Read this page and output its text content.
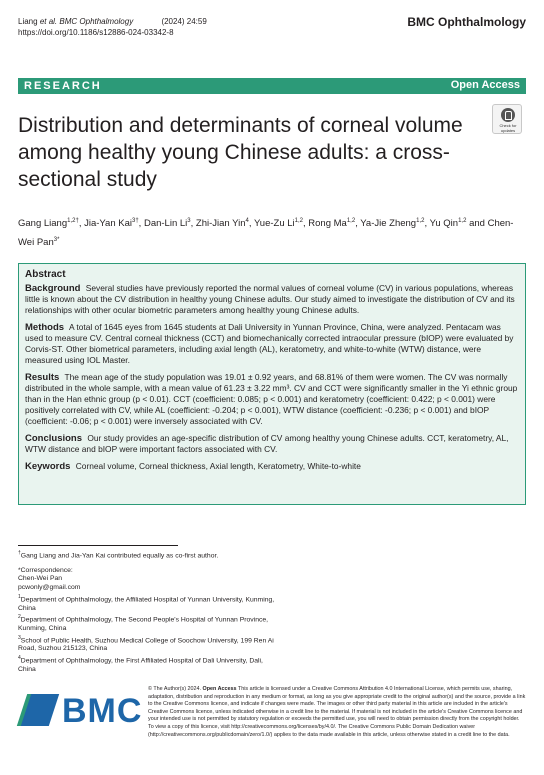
Liang et al. BMC Ophthalmology	(2024) 24:59
https://doi.org/10.1186/s12886-024-03342-8
BMC Ophthalmology
RESEARCH	Open Access
Check for
updates
Distribution and determinants of corneal volume among healthy young Chinese adults: a cross-sectional study
Gang Liang$^{1,2\dagger}$, Jia-Yan Kai$^{3\dagger}$, Dan-Lin Li$^3$, Zhi-Jian Yin$^4$, Yue-Zu Li$^{1,2}$, Rong Ma$^{1,2}$, Ya-Jie Zheng$^{1,2}$, Yu Qin$^{1,2}$ and Chen-Wei Pan$^{3*}$
Abstract
Background Several studies have previously reported the normal values of corneal volume (CV) in various populations, whereas little is known about the CV distribution in healthy young Chinese adults. Our study aimed to investigate the distribution of CV and its relationships with other ocular biometric parameters among healthy young Chinese adults.
Methods A total of 1645 eyes from 1645 students at Dali University in Yunnan Province, China, were analyzed. Pentacam was used to measure CV. Central corneal thickness (CCT) and biomechanically corrected intraocular pressure (bIOP) were evaluated by Corvis-ST. Other biometrical parameters, including axial length (AL), keratometry, and white-to-white (WTW) distance, were measured using IOL Master.
Results The mean age of the study population was 19.01 ± 0.92 years, and 68.81% of them were women. The CV was normally distributed in the whole sample, with a mean value of 61.23 ± 3.22 mm³. CV and CCT were significantly smaller in the Yi ethnic group than in the Han ethnic group (p < 0.01). CCT (coefficient: 0.085; p < 0.001) and keratometry (coefficient: 0.422; p < 0.001) were positively correlated with CV, while AL (coefficient: -0.204; p < 0.001), WTW distance (coefficient: -0.236; p < 0.001) and bIOP (coefficient: -0.06; p < 0.001) were inversely associated with CV.
Conclusions Our study provides an age-specific distribution of CV among healthy young Chinese adults. CCT, keratometry, AL, WTW distance and bIOP were important factors associated with CV.
Keywords Corneal volume, Corneal thickness, Axial length, Keratometry, White-to-white
†Gang Liang and Jia-Yan Kai contributed equally as co-first author.
*Correspondence:
Chen-Wei Pan
pcwonly@gmail.com
$^1$Department of Ophthalmology, the Affiliated Hospital of Yunnan University, Kunming, China
$^2$Department of Ophthalmology, The Second People's Hospital of Yunnan Province, Kunming, China
$^3$School of Public Health, Suzhou Medical College of Soochow University, 199 Ren Ai Road, Suzhou 215123, China
$^4$Department of Ophthalmology, the First Affiliated Hospital of Dali University, Dali, China
BMC
© The Author(s) 2024. Open Access This article is licensed under a Creative Commons Attribution 4.0 International License, which permits use, sharing, adaptation, distribution and reproduction in any medium or format, as long as you give appropriate credit to the original author(s) and the source, provide a link to the Creative Commons licence, and indicate if changes were made. The images or other third party material in this article are included in the article's Creative Commons licence, unless indicated otherwise in a credit line to the material. If material is not included in the article's Creative Commons licence and your intended use is not permitted by statutory regulation or exceeds the permitted use, you will need to obtain permission directly from the copyright holder. To view a copy of this licence, visit http://creativecommons.org/licenses/by/4.0/. The Creative Commons Public Domain Dedication waiver (http://creativecommons.org/publicdomain/zero/1.0/) applies to the data made available in this article, unless otherwise stated in a credit line to the data.
